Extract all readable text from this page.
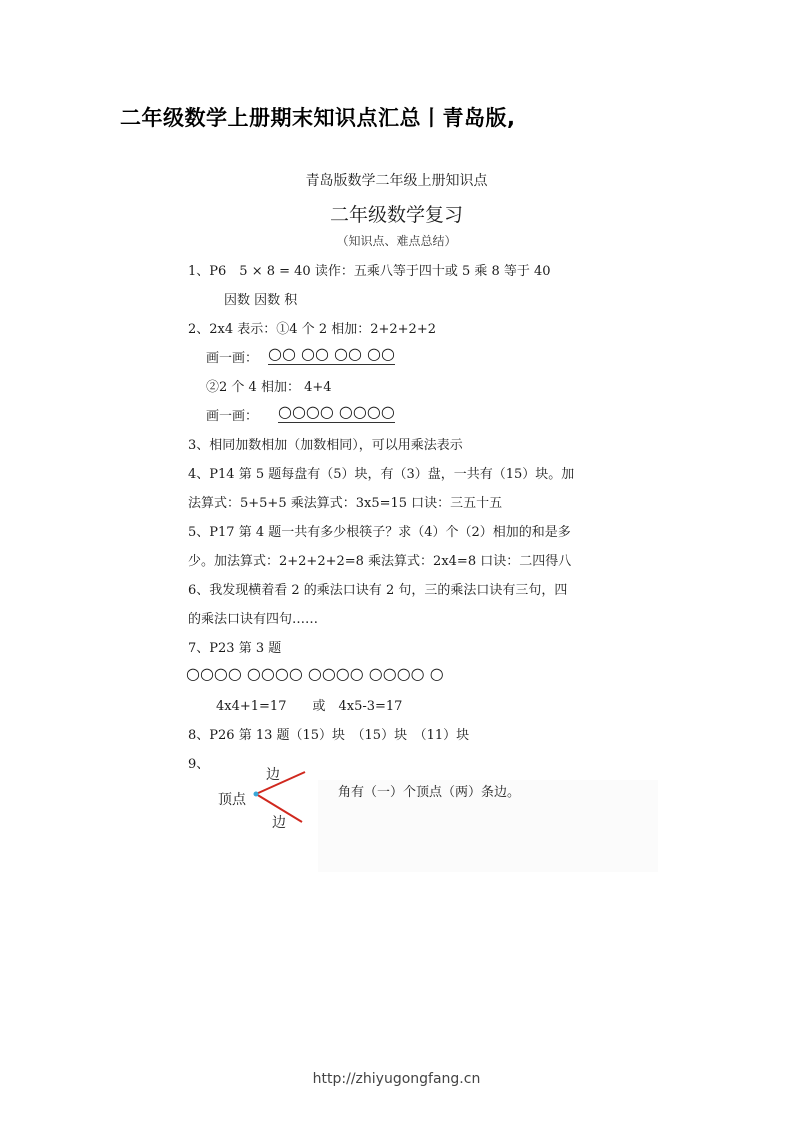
二年级数学上册期末知识点汇总丨青岛版,
青岛版数学二年级上册知识点
二年级数学复习
（知识点、难点总结）
1、P6　5 × 8 = 40 读作：五乘八等于四十或 5 乘 8 等于 40
因数 因数 积
2、2x4 表示：①4 个 2 相加：2+2+2+2
画一画： ○○ ○○ ○○ ○○
②2 个 4 相加： 4+4
画一画： ○○○○ ○○○○
3、相同加数相加（加数相同），可以用乘法表示
4、P14 第 5 题每盘有（5）块，有（3）盘，一共有（15）块。加
法算式：5+5+5 乘法算式：3x5=15 口诀：三五十五
5、P17 第 4 题一共有多少根筷子？求（4）个（2）相加的和是多
少。加法算式：2+2+2+2=8 乘法算式：2x4=8 口诀：二四得八
6、我发现横着看 2 的乘法口诀有 2 句，三的乘法口诀有三句，四
的乘法口诀有四句……
7、P23 第 3 题
○○○○ ○○○○ ○○○○ ○○○○ ○
4x4+1=17　　或　4x5-3=17
8、P26 第 13 题（15）块　（15）块　（11）块
9、
边
顶点
边
角有（一）个顶点（两）条边。
http://zhiyugongfang.cn
